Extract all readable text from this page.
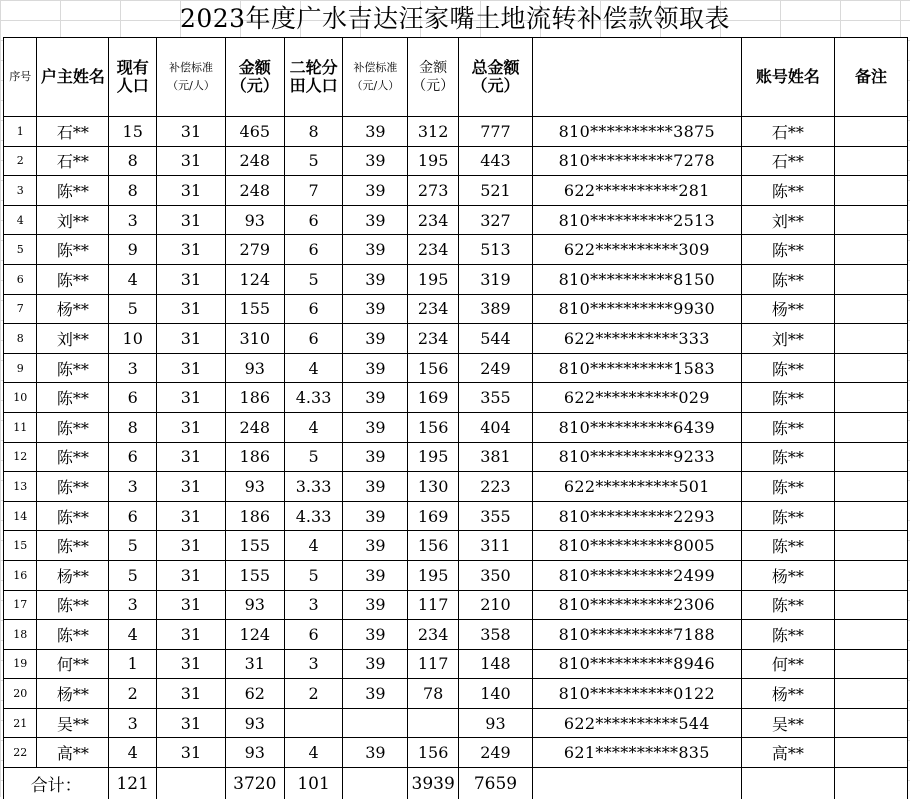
2023年度广水吉达汪家嘴土地流转补偿款领取表
序号	户主姓名	现有人口	补偿标准（元/人）	金额（元）	二轮分田人口	补偿标准（元/人）	金额（元）	总金额（元）		账号姓名	备注
1	石**	15	31	465	8	39	312	777	810**********3875	石**	
2	石**	8	31	248	5	39	195	443	810**********7278	石**	
3	陈**	8	31	248	7	39	273	521	622**********281	陈**	
4	刘**	3	31	93	6	39	234	327	810**********2513	刘**	
5	陈**	9	31	279	6	39	234	513	622**********309	陈**	
6	陈**	4	31	124	5	39	195	319	810**********8150	陈**	
7	杨**	5	31	155	6	39	234	389	810**********9930	杨**	
8	刘**	10	31	310	6	39	234	544	622**********333	刘**	
9	陈**	3	31	93	4	39	156	249	810**********1583	陈**	
10	陈**	6	31	186	4.33	39	169	355	622**********029	陈**	
11	陈**	8	31	248	4	39	156	404	810**********6439	陈**	
12	陈**	6	31	186	5	39	195	381	810**********9233	陈**	
13	陈**	3	31	93	3.33	39	130	223	622**********501	陈**	
14	陈**	6	31	186	4.33	39	169	355	810**********2293	陈**	
15	陈**	5	31	155	4	39	156	311	810**********8005	陈**	
16	杨**	5	31	155	5	39	195	350	810**********2499	杨**	
17	陈**	3	31	93	3	39	117	210	810**********2306	陈**	
18	陈**	4	31	124	6	39	234	358	810**********7188	陈**	
19	何**	1	31	31	3	39	117	148	810**********8946	何**	
20	杨**	2	31	62	2	39	78	140	810**********0122	杨**	
21	吴**	3	31	93				93	622**********544	吴**	
22	高**	4	31	93	4	39	156	249	621**********835	高**	
合计：		121		3720	101		3939	7659			
